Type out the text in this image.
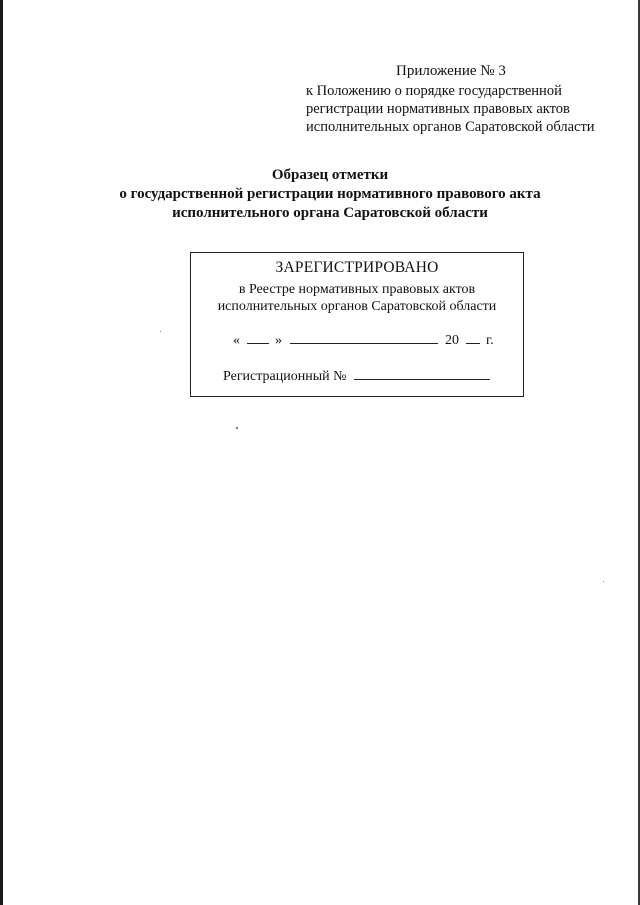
Приложение № 3
к Положению о порядке государственной
регистрации нормативных правовых актов
исполнительных органов Саратовской области
Образец отметки
о государственной регистрации нормативного правового акта
исполнительного органа Саратовской области
ЗАРЕГИСТРИРОВАНО
в Реестре нормативных правовых актов
исполнительных органов Саратовской области
«	»	20 г.
Регистрационный №
